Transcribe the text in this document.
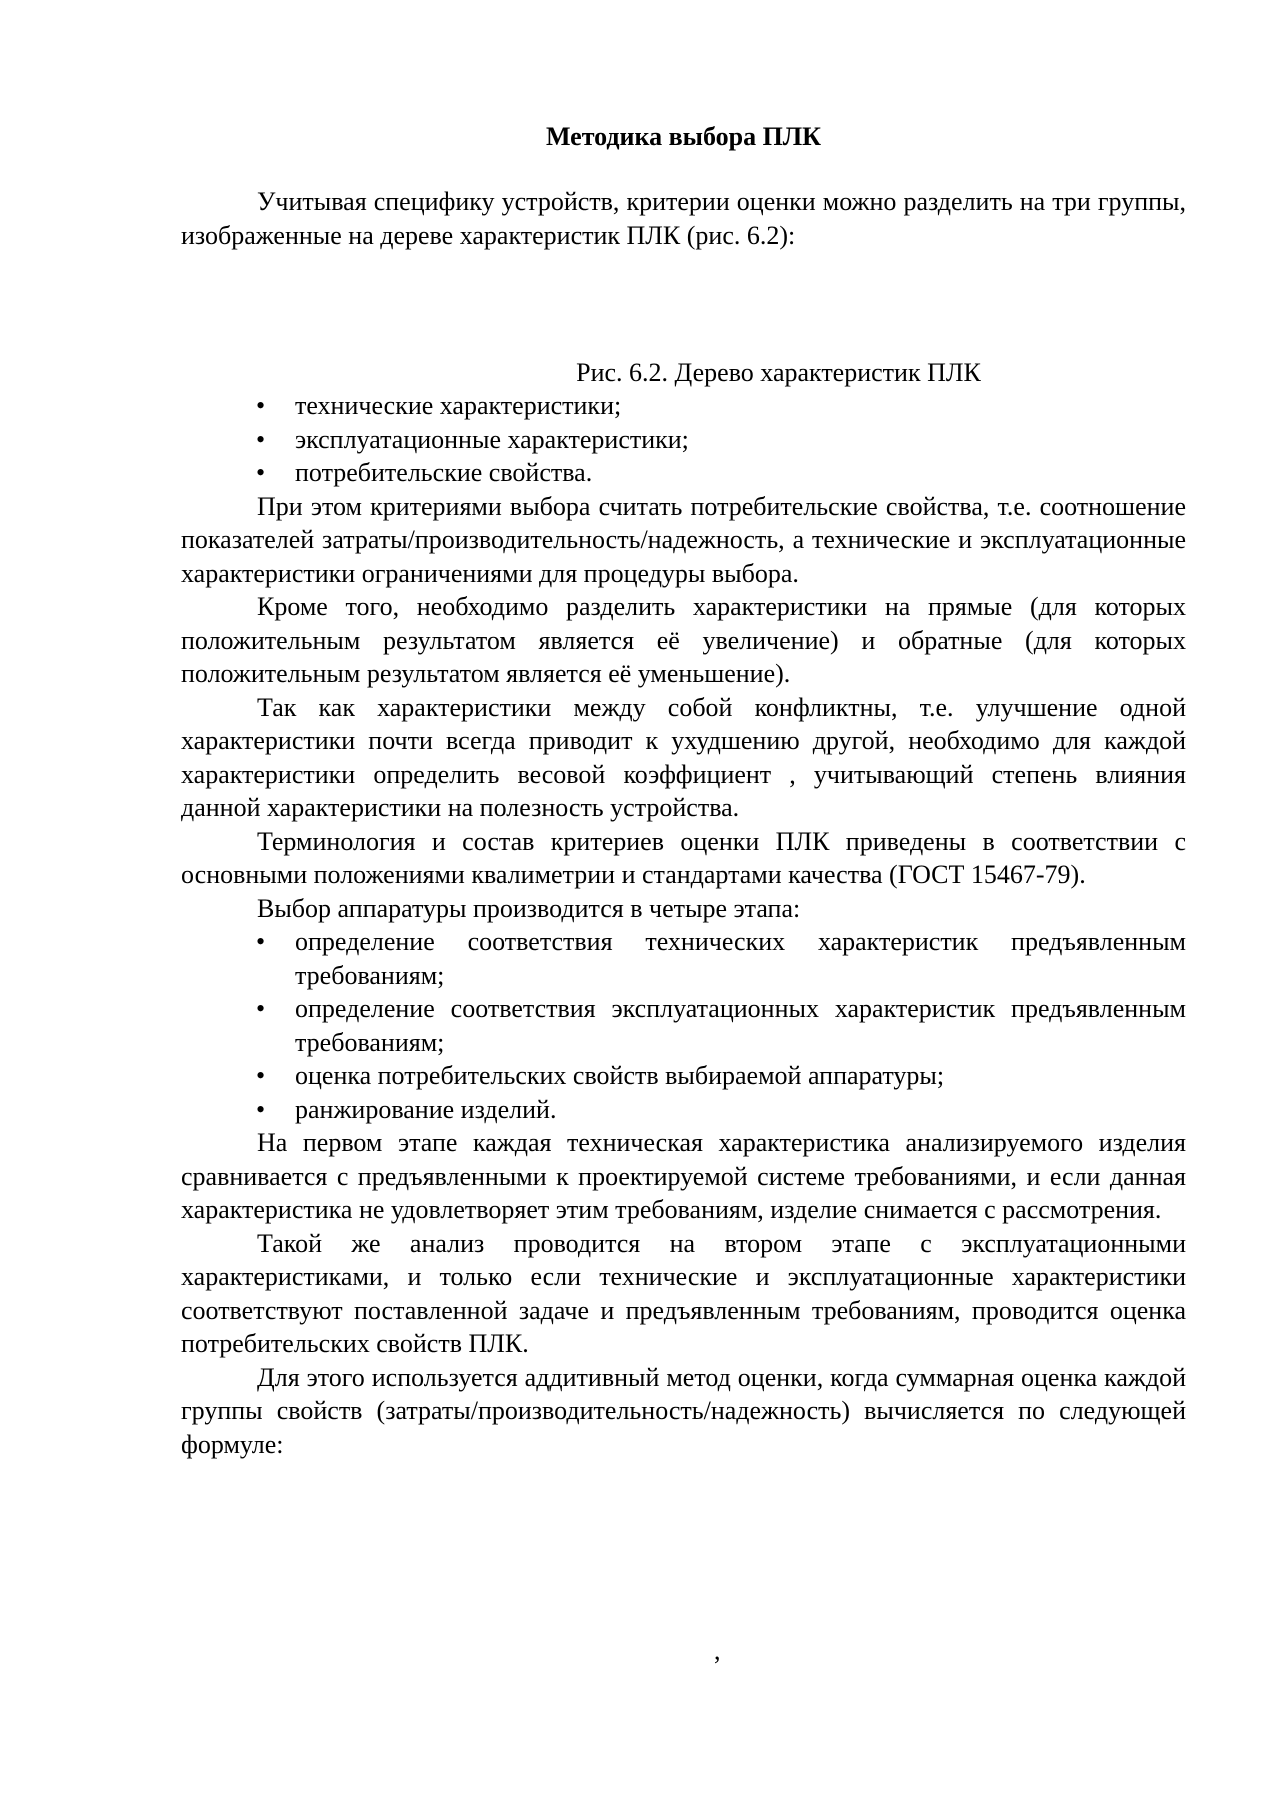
Методика выбора ПЛК

Учитывая специфику устройств, критерии оценки можно разделить на три группы, изображенные на дереве характеристик ПЛК (рис. 6.2):

Рис. 6.2. Дерево характеристик ПЛК
• технические характеристики;
• эксплуатационные характеристики;
• потребительские свойства.

При этом критериями выбора считать потребительские свойства, т.е. соотношение показателей затраты/производительность/надежность, а технические и эксплуатационные характеристики ограничениями для процедуры выбора.

Кроме того, необходимо разделить характеристики на прямые (для которых положительным результатом является её увеличение) и обратные (для которых положительным результатом является её уменьшение).

Так как характеристики между собой конфликтны, т.е. улучшение одной характеристики почти всегда приводит к ухудшению другой, необходимо для каждой характеристики определить весовой коэффициент , учитывающий степень влияния данной характеристики на полезность устройства.

Терминология и состав критериев оценки ПЛК приведены в соответствии с основными положениями квалиметрии и стандартами качества (ГОСТ 15467-79).

Выбор аппаратуры производится в четыре этапа:

• определение соответствия технических характеристик предъявленным требованиям;
• определение соответствия эксплуатационных характеристик предъявленным требованиям;
• оценка потребительских свойств выбираемой аппаратуры;
• ранжирование изделий.

На первом этапе каждая техническая характеристика анализируемого изделия сравнивается с предъявленными к проектируемой системе требованиями, и если данная характеристика не удовлетворяет этим требованиям, изделие снимается с рассмотрения.

Такой же анализ проводится на втором этапе с эксплуатационными характеристиками, и только если технические и эксплуатационные характеристики соответствуют поставленной задаче и предъявленным требованиям, проводится оценка потребительских свойств ПЛК.

Для этого используется аддитивный метод оценки, когда суммарная оценка каждой группы свойств (затраты/производительность/надежность) вычисляется по следующей формуле:

,
